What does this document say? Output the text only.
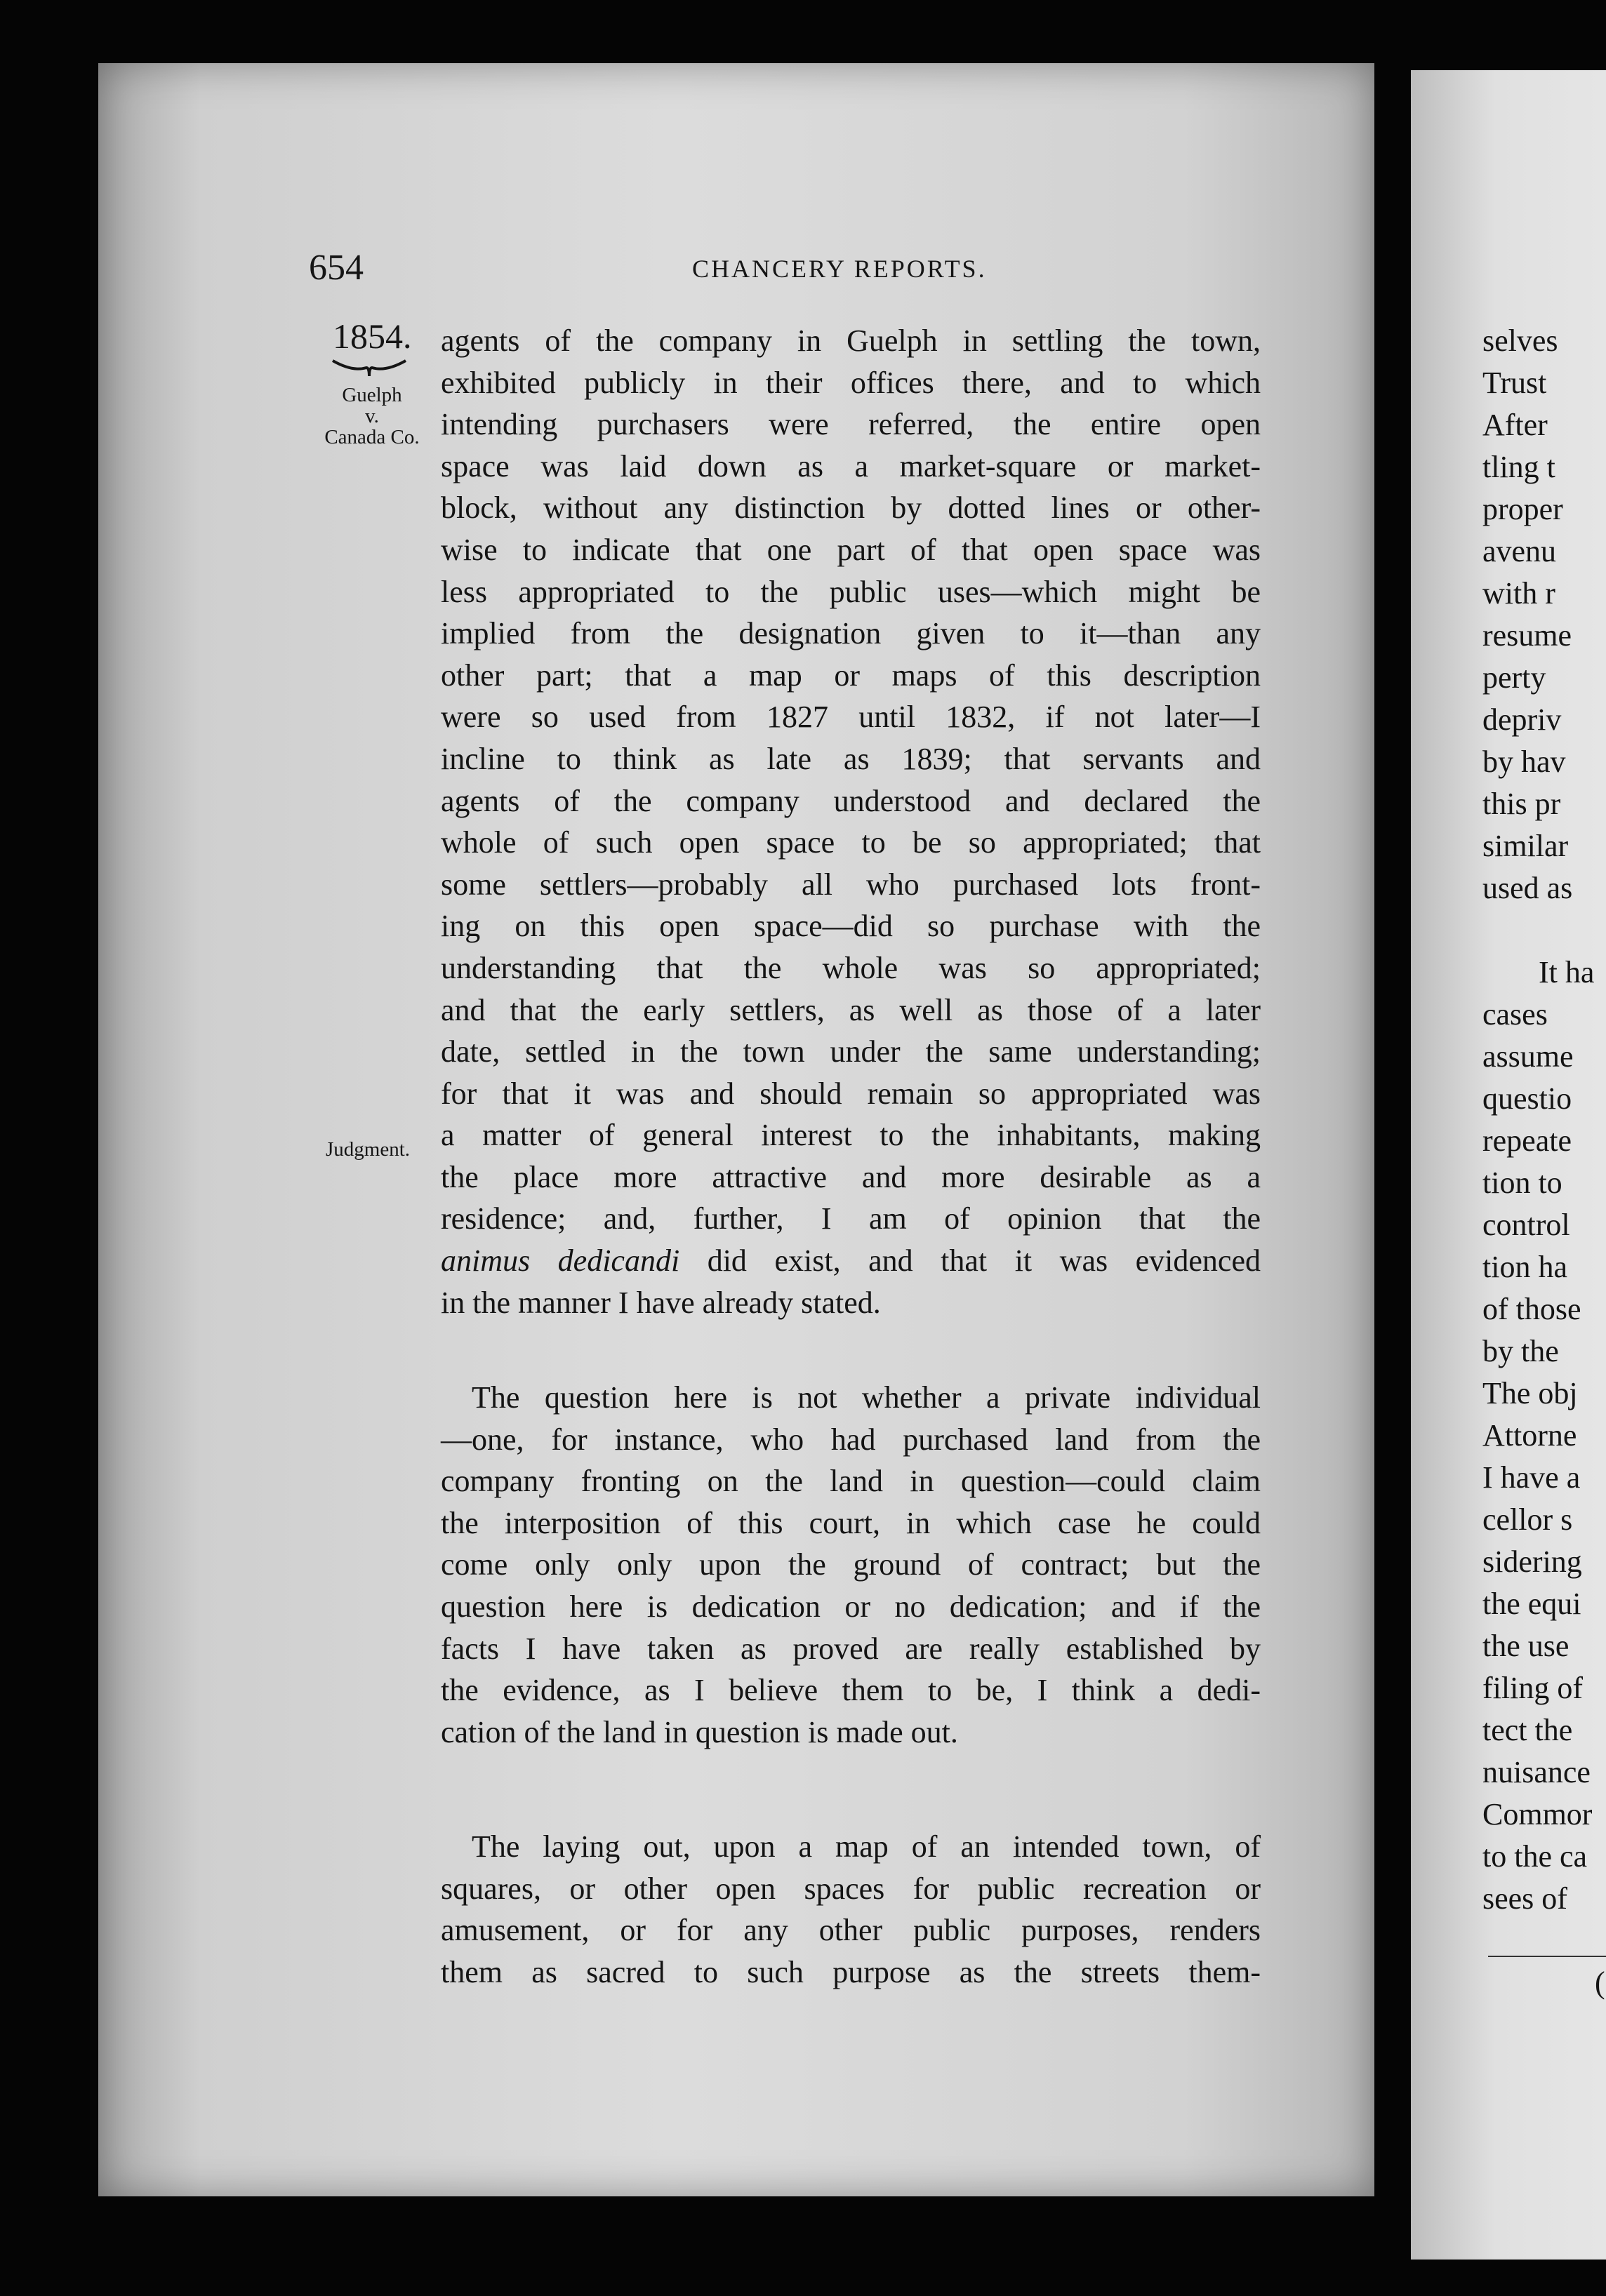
654	CHANCERY REPORTS.
1854.
Guelph
v.
Canada Co.
Judgment.
agents of the company in Guelph in settling the town,
exhibited publicly in their offices there, and to which
intending purchasers were referred, the entire open
space was laid down as a market-square or market-
block, without any distinction by dotted lines or other-
wise to indicate that one part of that open space was
less appropriated to the public uses—which might be
implied from the designation given to it—than any
other part; that a map or maps of this description
were so used from 1827 until 1832, if not later—I
incline to think as late as 1839; that servants and
agents of the company understood and declared the
whole of such open space to be so appropriated; that
some settlers—probably all who purchased lots front-
ing on this open space—did so purchase with the
understanding that the whole was so appropriated;
and that the early settlers, as well as those of a later
date, settled in the town under the same understanding;
for that it was and should remain so appropriated was
a matter of general interest to the inhabitants, making
the place more attractive and more desirable as a
residence; and, further, I am of opinion that the
animus dedicandi did exist, and that it was evidenced
in the manner I have already stated.
The question here is not whether a private individual
—one, for instance, who had purchased land from the
company fronting on the land in question—could claim
the interposition of this court, in which case he could
come only only upon the ground of contract; but the
question here is dedication or no dedication; and if the
facts I have taken as proved are really established by
the evidence, as I believe them to be, I think a dedi-
cation of the land in question is made out.
The laying out, upon a map of an intended town, of
squares, or other open spaces for public recreation or
amusement, or for any other public purposes, renders
them as sacred to such purpose as the streets them-
selves
Trust
After
tling t
proper
avenu
with r
resume
perty
depriv
by hav
this pr
similar
used as

It ha
cases
assume
questio
repeate
tion to
control
tion ha
of those
by the
The obj
Attorne
I have a
cellor s
sidering
the equi
the use
filing of
tect the
nuisance
Commor
to the ca
sees of
(
